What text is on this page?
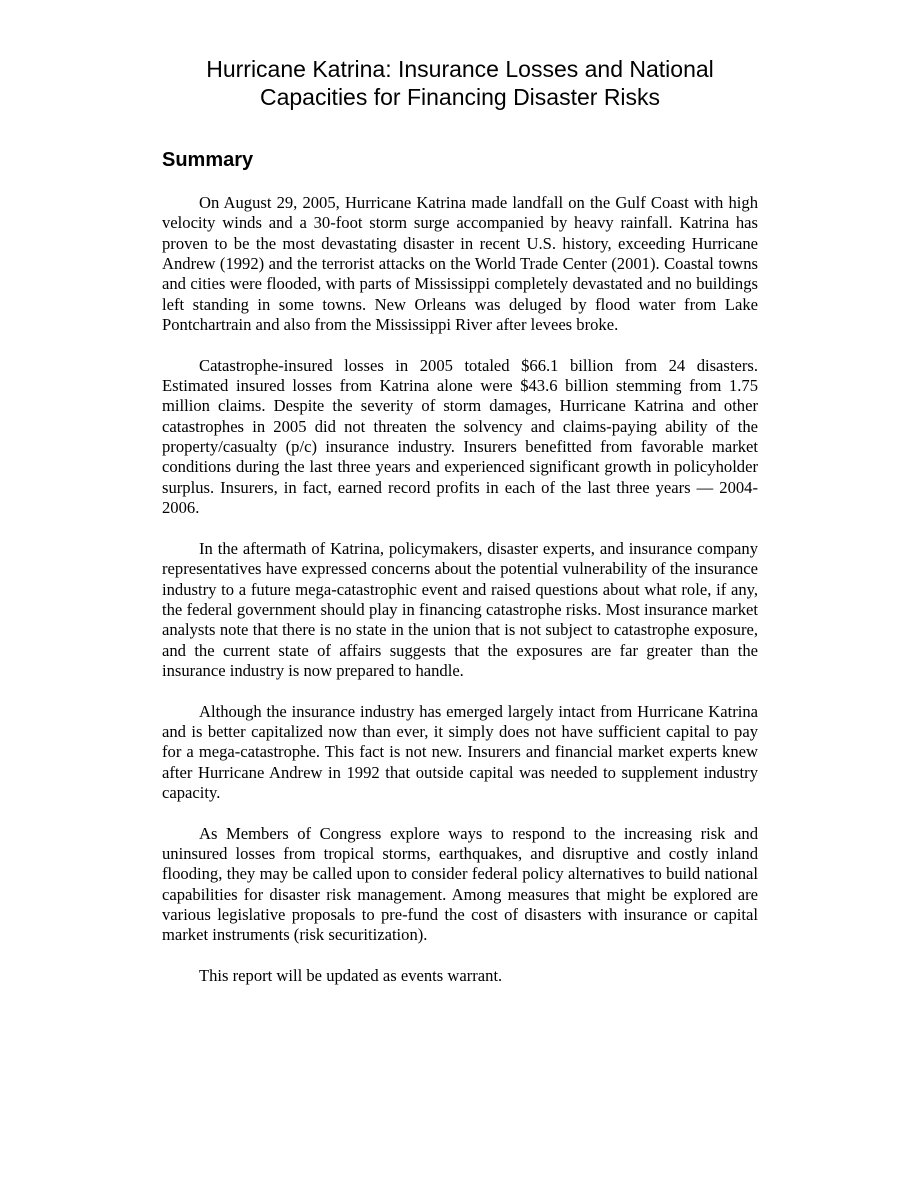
Hurricane Katrina: Insurance Losses and National
Capacities for Financing Disaster Risks
Summary

On August 29, 2005, Hurricane Katrina made landfall on the Gulf Coast with high velocity winds and a 30-foot storm surge accompanied by heavy rainfall. Katrina has proven to be the most devastating disaster in recent U.S. history, exceeding Hurricane Andrew (1992) and the terrorist attacks on the World Trade Center (2001). Coastal towns and cities were flooded, with parts of Mississippi completely devastated and no buildings left standing in some towns. New Orleans was deluged by flood water from Lake Pontchartrain and also from the Mississippi River after levees broke.

Catastrophe-insured losses in 2005 totaled $66.1 billion from 24 disasters. Estimated insured losses from Katrina alone were $43.6 billion stemming from 1.75 million claims. Despite the severity of storm damages, Hurricane Katrina and other catastrophes in 2005 did not threaten the solvency and claims-paying ability of the property/casualty (p/c) insurance industry. Insurers benefitted from favorable market conditions during the last three years and experienced significant growth in policyholder surplus. Insurers, in fact, earned record profits in each of the last three years — 2004-2006.

In the aftermath of Katrina, policymakers, disaster experts, and insurance company representatives have expressed concerns about the potential vulnerability of the insurance industry to a future mega-catastrophic event and raised questions about what role, if any, the federal government should play in financing catastrophe risks. Most insurance market analysts note that there is no state in the union that is not subject to catastrophe exposure, and the current state of affairs suggests that the exposures are far greater than the insurance industry is now prepared to handle.

Although the insurance industry has emerged largely intact from Hurricane Katrina and is better capitalized now than ever, it simply does not have sufficient capital to pay for a mega-catastrophe. This fact is not new. Insurers and financial market experts knew after Hurricane Andrew in 1992 that outside capital was needed to supplement industry capacity.

As Members of Congress explore ways to respond to the increasing risk and uninsured losses from tropical storms, earthquakes, and disruptive and costly inland flooding, they may be called upon to consider federal policy alternatives to build national capabilities for disaster risk management. Among measures that might be explored are various legislative proposals to pre-fund the cost of disasters with insurance or capital market instruments (risk securitization).

This report will be updated as events warrant.
